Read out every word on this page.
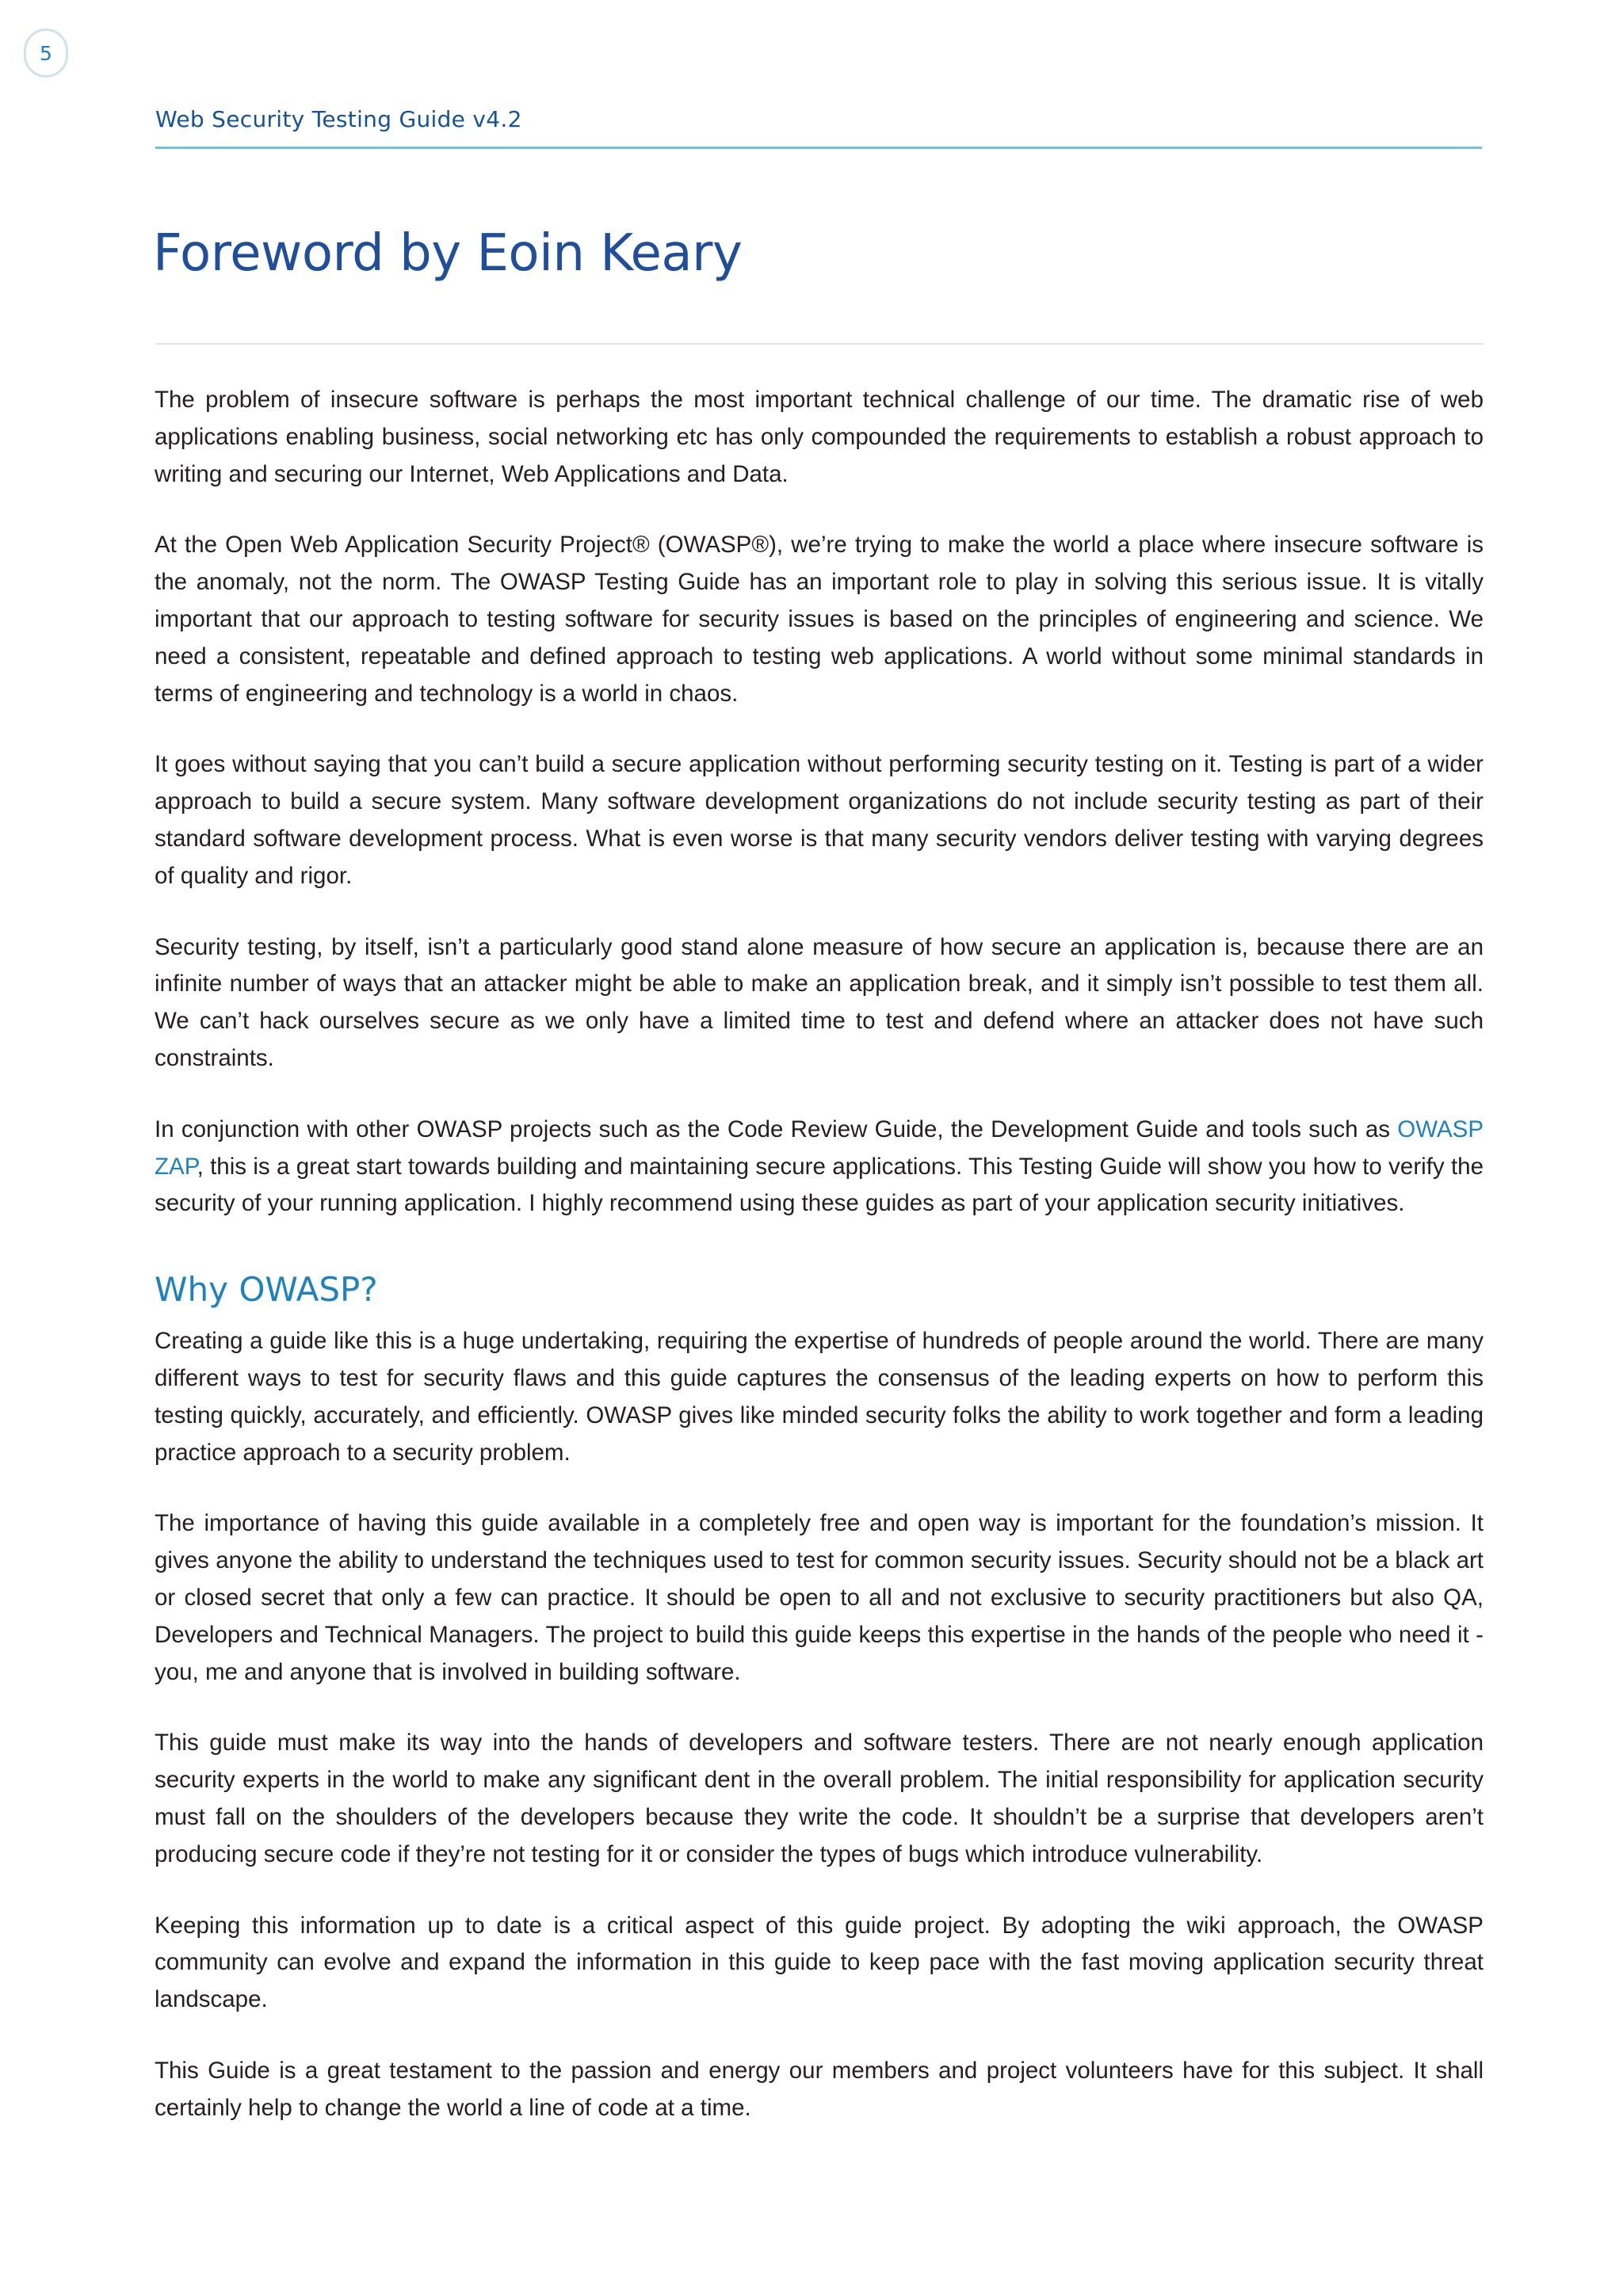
5
Web Security Testing Guide v4.2
Foreword by Eoin Keary

The problem of insecure software is perhaps the most important technical challenge of our time. The dramatic rise of web applications enabling business, social networking etc has only compounded the requirements to establish a robust approach to writing and securing our Internet, Web Applications and Data.

At the Open Web Application Security Project® (OWASP®), we’re trying to make the world a place where insecure software is the anomaly, not the norm. The OWASP Testing Guide has an important role to play in solving this serious issue. It is vitally important that our approach to testing software for security issues is based on the principles of engineering and science. We need a consistent, repeatable and defined approach to testing web applications. A world without some minimal standards in terms of engineering and technology is a world in chaos.

It goes without saying that you can’t build a secure application without performing security testing on it. Testing is part of a wider approach to build a secure system. Many software development organizations do not include security testing as part of their standard software development process. What is even worse is that many security vendors deliver testing with varying degrees of quality and rigor.

Security testing, by itself, isn’t a particularly good stand alone measure of how secure an application is, because there are an infinite number of ways that an attacker might be able to make an application break, and it simply isn’t possible to test them all. We can’t hack ourselves secure as we only have a limited time to test and defend where an attacker does not have such constraints.

In conjunction with other OWASP projects such as the Code Review Guide, the Development Guide and tools such as OWASP ZAP, this is a great start towards building and maintaining secure applications. This Testing Guide will show you how to verify the security of your running application. I highly recommend using these guides as part of your application security initiatives.

Why OWASP?

Creating a guide like this is a huge undertaking, requiring the expertise of hundreds of people around the world. There are many different ways to test for security flaws and this guide captures the consensus of the leading experts on how to perform this testing quickly, accurately, and efficiently. OWASP gives like minded security folks the ability to work together and form a leading practice approach to a security problem.

The importance of having this guide available in a completely free and open way is important for the foundation’s mission. It gives anyone the ability to understand the techniques used to test for common security issues. Security should not be a black art or closed secret that only a few can practice. It should be open to all and not exclusive to security practitioners but also QA, Developers and Technical Managers. The project to build this guide keeps this expertise in the hands of the people who need it - you, me and anyone that is involved in building software.

This guide must make its way into the hands of developers and software testers. There are not nearly enough application security experts in the world to make any significant dent in the overall problem. The initial responsibility for application security must fall on the shoulders of the developers because they write the code. It shouldn’t be a surprise that developers aren’t producing secure code if they’re not testing for it or consider the types of bugs which introduce vulnerability.

Keeping this information up to date is a critical aspect of this guide project. By adopting the wiki approach, the OWASP community can evolve and expand the information in this guide to keep pace with the fast moving application security threat landscape.

This Guide is a great testament to the passion and energy our members and project volunteers have for this subject. It shall certainly help to change the world a line of code at a time.
